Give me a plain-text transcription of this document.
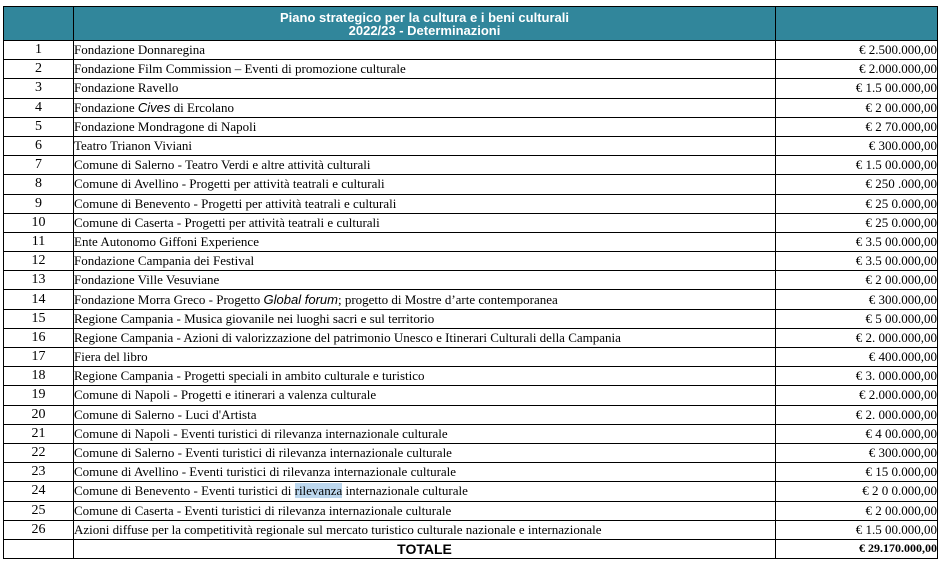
	Piano strategico per la cultura e i beni culturali
2022/23 - Determinazioni	

1	Fondazione Donnaregina	€ 2.500.000,00
2	Fondazione Film Commission – Eventi di promozione culturale	€ 2.000.000,00
3	Fondazione Ravello	€ 1.5 00.000,00
4	Fondazione Cives di Ercolano	€ 2 00.000,00
5	Fondazione Mondragone di Napoli	€ 2 70.000,00
6	Teatro Trianon Viviani	€ 300.000,00
7	Comune di Salerno - Teatro Verdi e altre attività culturali	€ 1.5 00.000,00
8	Comune di Avellino - Progetti per attività teatrali e culturali	€ 250 .000,00
9	Comune di Benevento - Progetti per attività teatrali e culturali	€ 25 0.000,00
10	Comune di Caserta - Progetti per attività teatrali e culturali	€ 25 0.000,00
11	Ente Autonomo Giffoni Experience	€ 3.5 00.000,00
12	Fondazione Campania dei Festival	€ 3.5 00.000,00
13	Fondazione Ville Vesuviane	€ 2 00.000,00
14	Fondazione Morra Greco - Progetto Global forum; progetto di Mostre d’arte contemporanea	€ 300.000,00
15	Regione Campania - Musica giovanile nei luoghi sacri e sul territorio	€ 5 00.000,00
16	Regione Campania - Azioni di valorizzazione del patrimonio Unesco e Itinerari Culturali della Campania	€ 2. 000.000,00
17	Fiera del libro	€ 400.000,00
18	Regione Campania - Progetti speciali in ambito culturale e turistico	€ 3. 000.000,00
19	Comune di Napoli - Progetti e itinerari a valenza culturale	€ 2.000.000,00
20	Comune di Salerno - Luci d'Artista	€ 2. 000.000,00
21	Comune di Napoli - Eventi turistici di rilevanza internazionale culturale	€ 4 00.000,00
22	Comune di Salerno - Eventi turistici di rilevanza internazionale culturale	€ 300.000,00
23	Comune di Avellino - Eventi turistici di rilevanza internazionale culturale	€ 15 0.000,00
24	Comune di Benevento - Eventi turistici di rilevanza internazionale culturale	€ 2 0 0.000,00
25	Comune di Caserta - Eventi turistici di rilevanza internazionale culturale	€ 2 00.000,00
26	Azioni diffuse per la competitività regionale sul mercato turistico culturale nazionale e internazionale	€ 1.5 00.000,00
	TOTALE	€ 29.170.000,00
